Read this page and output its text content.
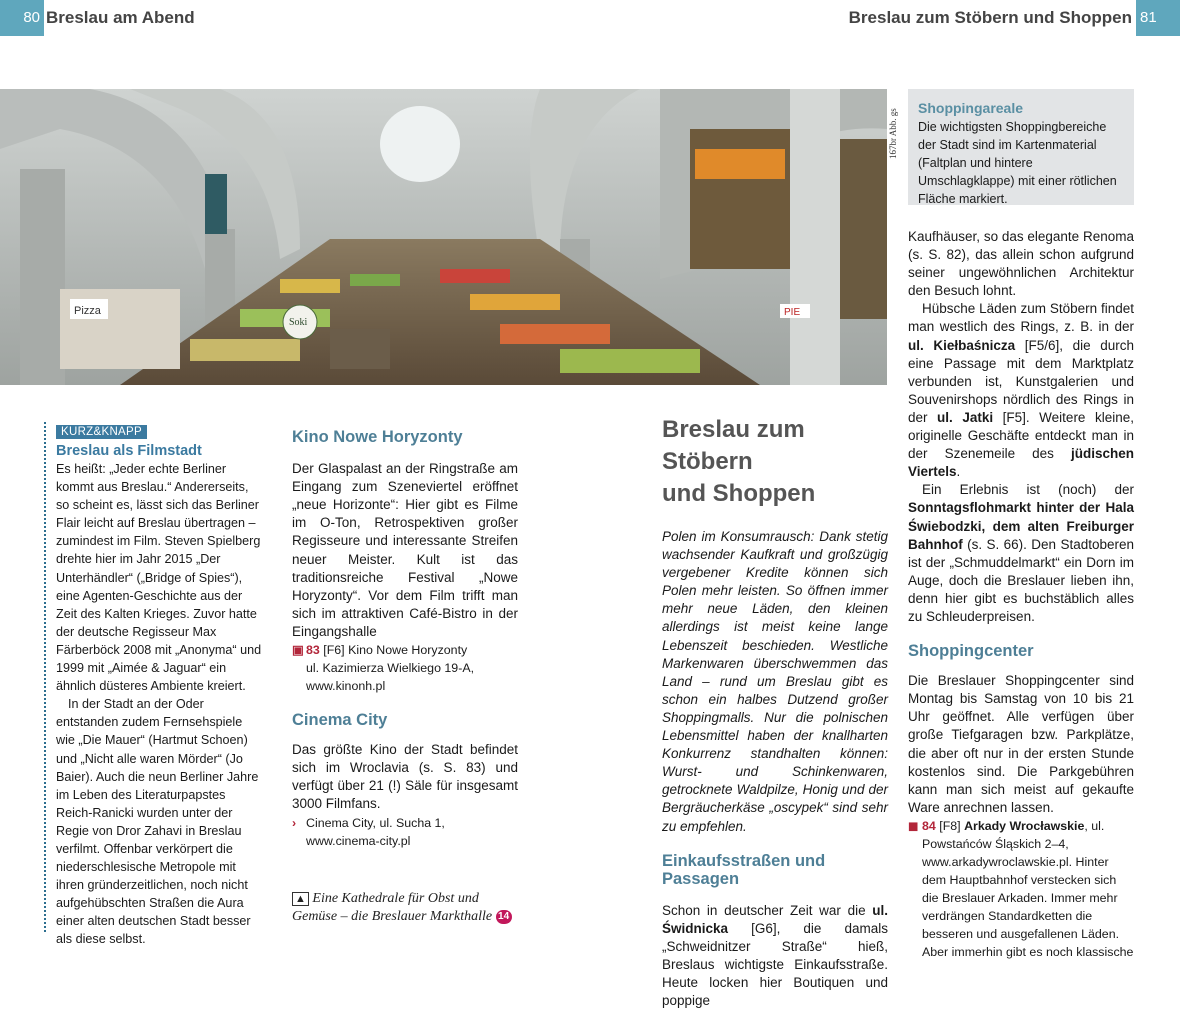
80 Breslau am Abend	Breslau zum Stöbern und Shoppen 81
Pizza
Soki
PIE
167br Abb. gs
Shoppingareale
Die wichtigsten Shoppingbereiche der Stadt sind im Kartenmaterial (Faltplan und hintere Umschlagklappe) mit einer rötlichen Fläche markiert.
KURZ&KNAPP
Breslau als Filmstadt

Es heißt: „Jeder echte Berliner kommt aus Breslau.“ Andererseits, so scheint es, lässt sich das Berliner Flair leicht auf Breslau übertragen – zumindest im Film. Steven Spielberg drehte hier im Jahr 2015 „Der Unterhändler“ („Bridge of Spies“), eine Agenten-Geschichte aus der Zeit des Kalten Krieges. Zuvor hatte der deutsche Regisseur Max Färberböck 2008 mit „Anonyma“ und 1999 mit „Aimée & Jaguar“ ein ähnlich düsteres Ambiente kreiert.

In der Stadt an der Oder entstanden zudem Fernsehspiele wie „Die Mauer“ (Hartmut Schoen) und „Nicht alle waren Mörder“ (Jo Baier). Auch die neun Berliner Jahre im Leben des Literaturpapstes Reich-Ranicki wurden unter der Regie von Dror Zahavi in Breslau verfilmt. Offenbar verkörpert die niederschlesische Metropole mit ihren gründerzeitlichen, noch nicht aufgehübschten Straßen die Aura einer alten deutschen Stadt besser als diese selbst.

Kino Nowe Horyzonty

Der Glaspalast an der Ringstraße am Eingang zum Szeneviertel eröffnet „neue Horizonte“: Hier gibt es Filme im O-Ton, Retrospektiven großer Regisseure und interessante Streifen neuer Meister. Kult ist das traditionsreiche Festival „Nowe Horyzonty“. Vor dem Film trifft man sich im attraktiven Café-Bistro in der Eingangshalle

▣ 83 [F6] Kino Nowe Horyzonty
ul. Kazimierza Wielkiego 19-A,
www.kinonh.pl
Cinema City

Das größte Kino der Stadt befindet sich im Wroclavia (s. S. 83) und verfügt über 21 (!) Säle für insgesamt 3000 Filmfans.

› Cinema City, ul. Sucha 1,
www.cinema-city.pl
▲ Eine Kathedrale für Obst und Gemüse – die Breslauer Markthalle 14
Breslau zum Stöbern
und Shoppen

Polen im Konsumrausch: Dank stetig wachsender Kaufkraft und großzügig vergebener Kredite können sich Polen mehr leisten. So öffnen immer mehr neue Läden, den kleinen allerdings ist meist keine lange Lebenszeit beschieden. Westliche Markenwaren überschwemmen das Land – rund um Breslau gibt es schon ein halbes Dutzend großer Shoppingmalls. Nur die polnischen Lebensmittel haben der knallharten Konkurrenz standhalten können: Wurst- und Schinkenwaren, getrocknete Waldpilze, Honig und der Bergräucherkäse „oscypek“ sind sehr zu empfehlen.

Einkaufsstraßen und Passagen

Schon in deutscher Zeit war die ul. Świdnicka [G6], die damals „Schweidnitzer Straße“ hieß, Breslaus wichtigste Einkaufsstraße. Heute locken hier Boutiquen und poppige

Kaufhäuser, so das elegante Renoma (s. S. 82), das allein schon aufgrund seiner ungewöhnlichen Architektur den Besuch lohnt.

Hübsche Läden zum Stöbern findet man westlich des Rings, z. B. in der ul. Kiełbaśnicza [F5/6], die durch eine Passage mit dem Marktplatz verbunden ist, Kunstgalerien und Souvenirshops nördlich des Rings in der ul. Jatki [F5]. Weitere kleine, originelle Geschäfte entdeckt man in der Szenemeile des jüdischen Viertels.

Ein Erlebnis ist (noch) der Sonntagsflohmarkt hinter der Hala Świebodzki, dem alten Freiburger Bahnhof (s. S. 66). Den Stadtoberen ist der „Schmuddelmarkt“ ein Dorn im Auge, doch die Breslauer lieben ihn, denn hier gibt es buchstäblich alles zu Schleuderpreisen.

Shoppingcenter

Die Breslauer Shoppingcenter sind Montag bis Samstag von 10 bis 21 Uhr geöffnet. Alle verfügen über große Tiefgaragen bzw. Parkplätze, die aber oft nur in der ersten Stunde kostenlos sind. Die Parkgebühren kann man sich meist auf gekaufte Ware anrechnen lassen.

◼ 84 [F8] Arkady Wrocławskie, ul. Powstańców Śląskich 2–4, www.arkadywroclawskie.pl. Hinter dem Hauptbahnhof verstecken sich die Breslauer Arkaden. Immer mehr verdrängen Standardketten die besseren und ausgefallenen Läden. Aber immerhin gibt es noch klassische
